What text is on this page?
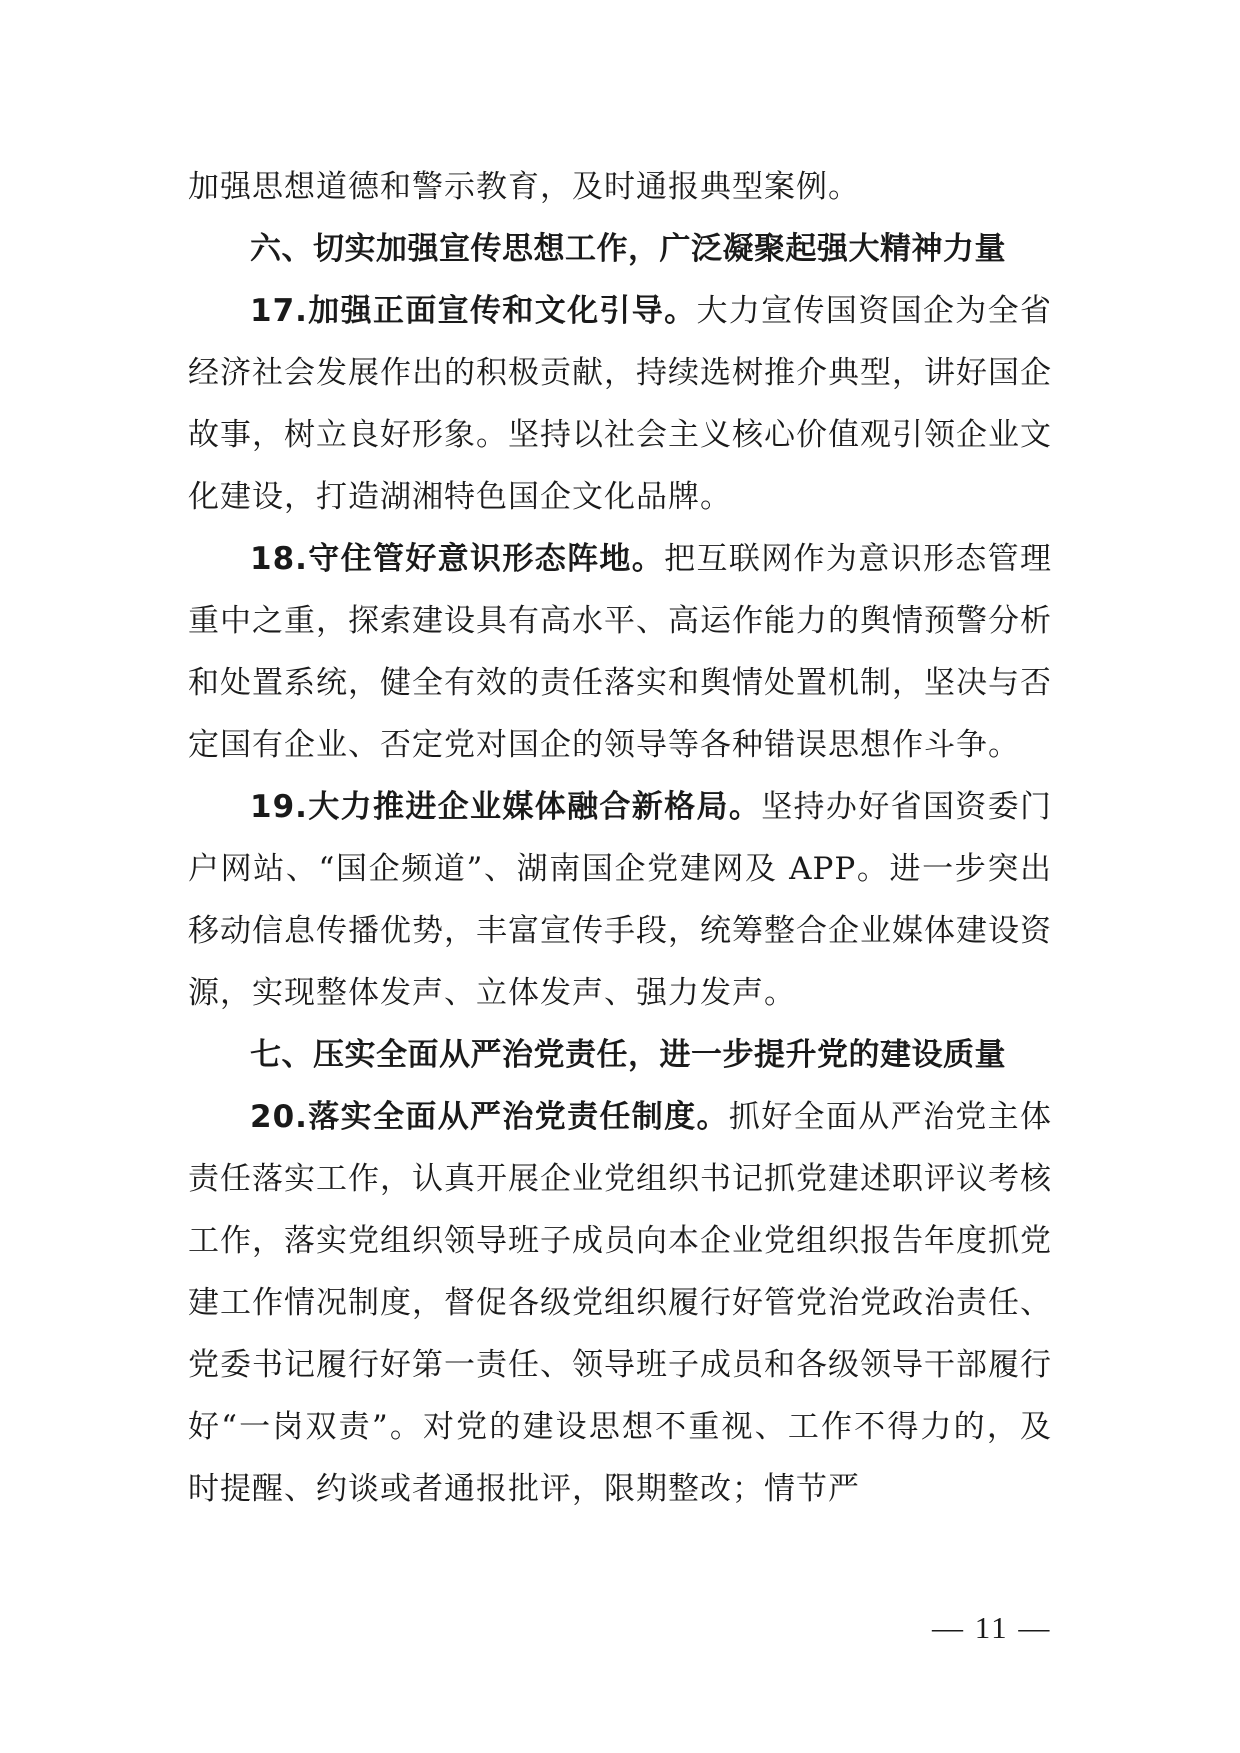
加强思想道德和警示教育，及时通报典型案例。

六、切实加强宣传思想工作，广泛凝聚起强大精神力量

17.加强正面宣传和文化引导。大力宣传国资国企为全省经济社会发展作出的积极贡献，持续选树推介典型，讲好国企故事，树立良好形象。坚持以社会主义核心价值观引领企业文化建设，打造湖湘特色国企文化品牌。

18.守住管好意识形态阵地。把互联网作为意识形态管理重中之重，探索建设具有高水平、高运作能力的舆情预警分析和处置系统，健全有效的责任落实和舆情处置机制，坚决与否定国有企业、否定党对国企的领导等各种错误思想作斗争。

19.大力推进企业媒体融合新格局。坚持办好省国资委门户网站、“国企频道”、湖南国企党建网及 APP。进一步突出移动信息传播优势，丰富宣传手段，统筹整合企业媒体建设资源，实现整体发声、立体发声、强力发声。

七、压实全面从严治党责任，进一步提升党的建设质量

20.落实全面从严治党责任制度。抓好全面从严治党主体责任落实工作，认真开展企业党组织书记抓党建述职评议考核工作，落实党组织领导班子成员向本企业党组织报告年度抓党建工作情况制度，督促各级党组织履行好管党治党政治责任、党委书记履行好第一责任、领导班子成员和各级领导干部履行好“一岗双责”。对党的建设思想不重视、工作不得力的，及时提醒、约谈或者通报批评，限期整改；情节严

— 11 —
